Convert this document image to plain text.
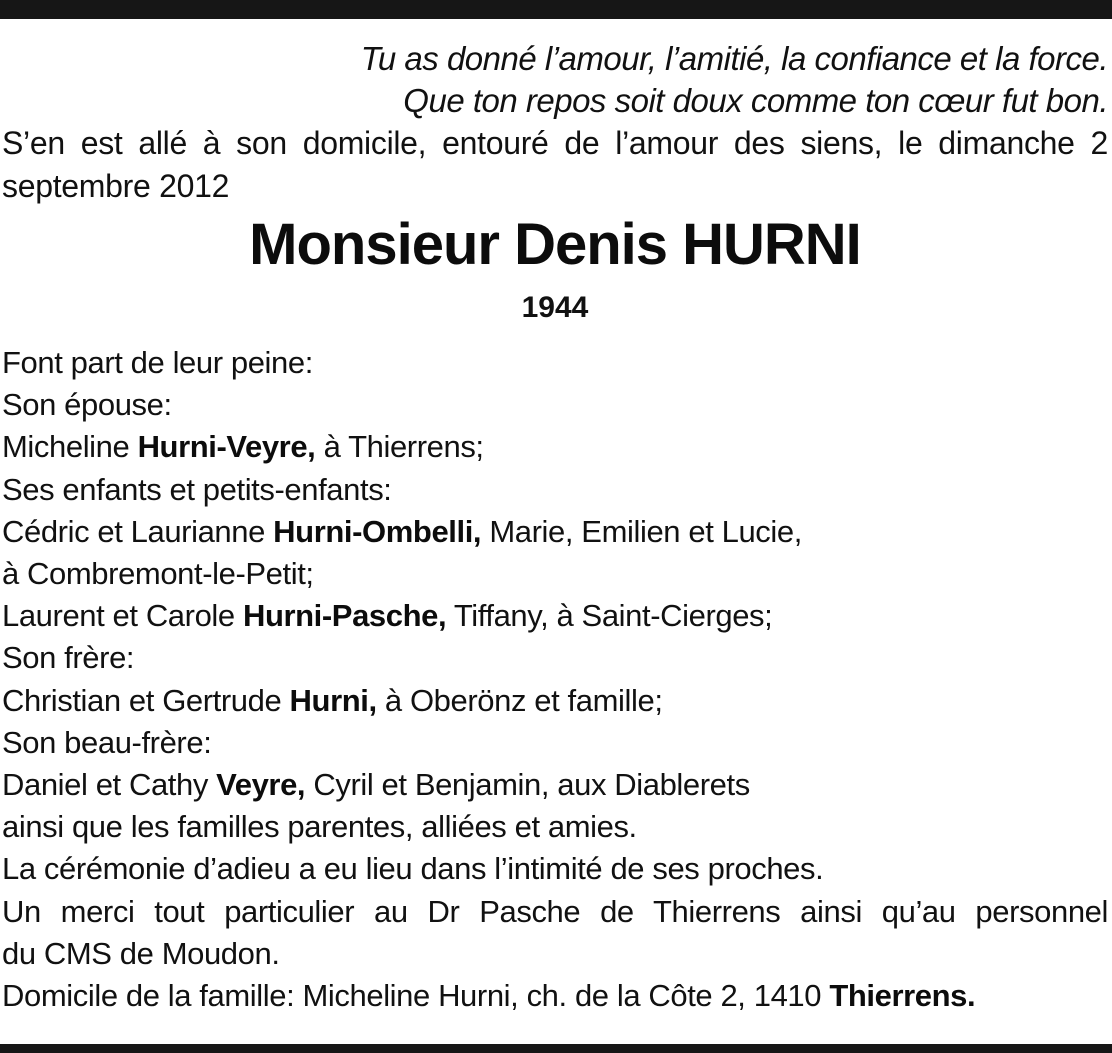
Tu as donné l’amour, l’amitié, la confiance et la force.
Que ton repos soit doux comme ton cœur fut bon.
S’en est allé à son domicile, entouré de l’amour des siens, le dimanche 2 septembre 2012
Monsieur Denis HURNI
1944
Font part de leur peine:
Son épouse:
Micheline Hurni-Veyre, à Thierrens;
Ses enfants et petits-enfants:
Cédric et Laurianne Hurni-Ombelli, Marie, Emilien et Lucie,
à Combremont-le-Petit;
Laurent et Carole Hurni-Pasche, Tiffany, à Saint-Cierges;
Son frère:
Christian et Gertrude Hurni, à Oberönz et famille;
Son beau-frère:
Daniel et Cathy Veyre, Cyril et Benjamin, aux Diablerets
ainsi que les familles parentes, alliées et amies.
La cérémonie d’adieu a eu lieu dans l’intimité de ses proches.
Un merci tout particulier au Dr Pasche de Thierrens ainsi qu’au personnel
du CMS de Moudon.
Domicile de la famille: Micheline Hurni, ch. de la Côte 2, 1410 Thierrens.
